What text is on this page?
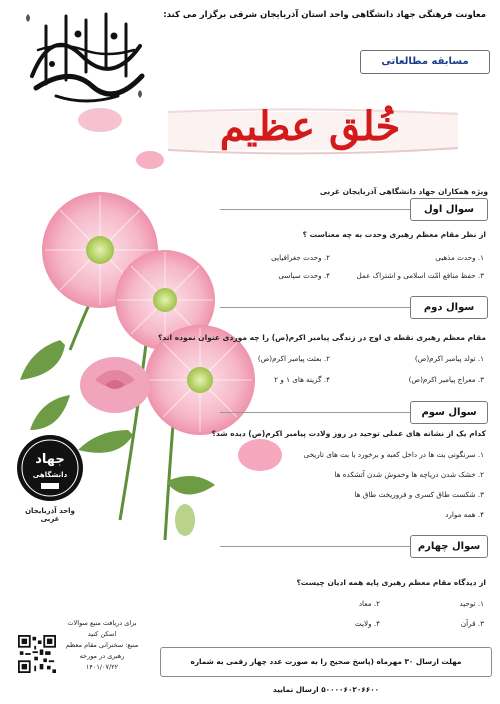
معاونت فرهنگی جهاد دانشگاهی واحد استان آذربایجان شرقی برگزار می کند:
مسابقه مطالعاتی
خُلق عظیم
ویژه همکاران جهاد دانشگاهی آذربایجان غربی
سوال اول
از نظر مقام معظم رهبری وحدت به چه معناست ؟
۱. وحدت مذهبی
۲. وحدت جغرافیایی
۳. حفظ منافع امّت اسلامی و اشتراک عمل
۴. وحدت سیاسی
سوال دوم
مقام معظم رهبری نقطه ی اوج در زندگی پیامبر اکرم(ص) را چه موردی عنوان نموده اند؟
۱. تولد پیامبر اکرم(ص)
۲. بعثت پیامبر اکرم(ص)
۳. معراج پیامبر اکرم(ص)
۴. گزینه های ۱ و ۲
سوال سوم
کدام یک از نشانه های عملی توحید در روز ولادت پیامبر اکرم(ص) دیده شد؟
۱. سرنگونی بت ها در داخل کعبه و برخورد با بت های تاریخی
۲. خشک شدن دریاچه ها وخموش شدن آتشکده ها
۳. شکست طاق کسری و فروریخت طاق ها
۴. همه موارد
سوال چهارم
از دیدگاه مقام معظم رهبری پایه همه ادیان چیست؟
۱. توحید
۲. معاد
۳. قرآن
۴. ولایت
جهاد
دانشگاهی
واحد آذربایجان غربی
برای دریافت منبع سوالات
اسکن کنید
منبع: سخنرانی مقام معظم
رهبری در مورخه
۱۴۰۱/۰۷/۲۲
مهلت ارسال ۳۰ مهرماه (پاسخ صحیح را به صورت عدد چهار رقمی به شماره ۵۰۰۰۰۶۰۲۰۶۶۰۰ ارسال نمایید
